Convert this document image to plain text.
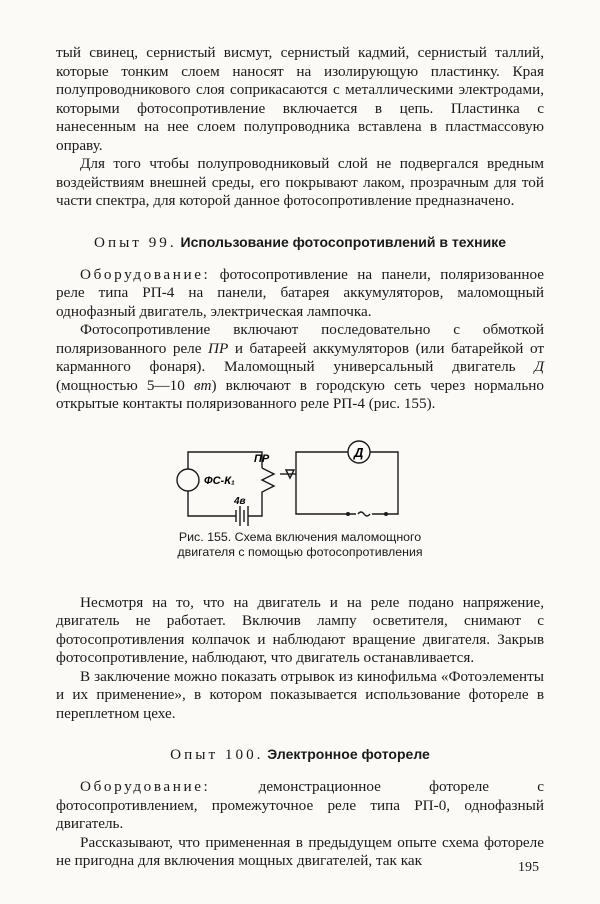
тый свинец, сернистый висмут, сернистый кадмий, сернистый таллий, которые тонким слоем наносят на изолирующую пластинку. Края полупроводникового слоя соприкасаются с металлическими электродами, которыми фотосопротивление включается в цепь. Пластинка с нанесенным на нее слоем полупроводника вставлена в пластмассовую оправу.

Для того чтобы полупроводниковый слой не подвергался вредным воздействиям внешней среды, его покрывают лаком, прозрачным для той части спектра, для которой данное фотосопротивление предназначено.

Опыт 99. Использование фотосопротивлений в технике

Оборудование: фотосопротивление на панели, поляризованное реле типа РП-4 на панели, батарея аккумуляторов, маломощный однофазный двигатель, электрическая лампочка.

Фотосопротивление включают последовательно с обмоткой поляризованного реле ПР и батареей аккумуляторов (или батарейкой от карманного фонаря). Маломощный универсальный двигатель Д (мощностью 5—10 вт) включают в городскую сеть через нормально открытые контакты поляризованного реле РП-4 (рис. 155).

ФС-К₁
ПР
4в
Д
Рис. 155. Схема включения маломощного
двигателя с помощью фотосопротивления

Несмотря на то, что на двигатель и на реле подано напряжение, двигатель не работает. Включив лампу осветителя, снимают с фотосопротивления колпачок и наблюдают вращение двигателя. Закрыв фотосопротивление, наблюдают, что двигатель останавливается.

В заключение можно показать отрывок из кинофильма «Фотоэлементы и их применение», в котором показывается использование фотореле в переплетном цехе.

Опыт 100. Электронное фотореле

Оборудование: демонстрационное фотореле с фотосопротивлением, промежуточное реле типа РП-0, однофазный двигатель.

Рассказывают, что примененная в предыдущем опыте схема фотореле не пригодна для включения мощных двигателей, так как	195
